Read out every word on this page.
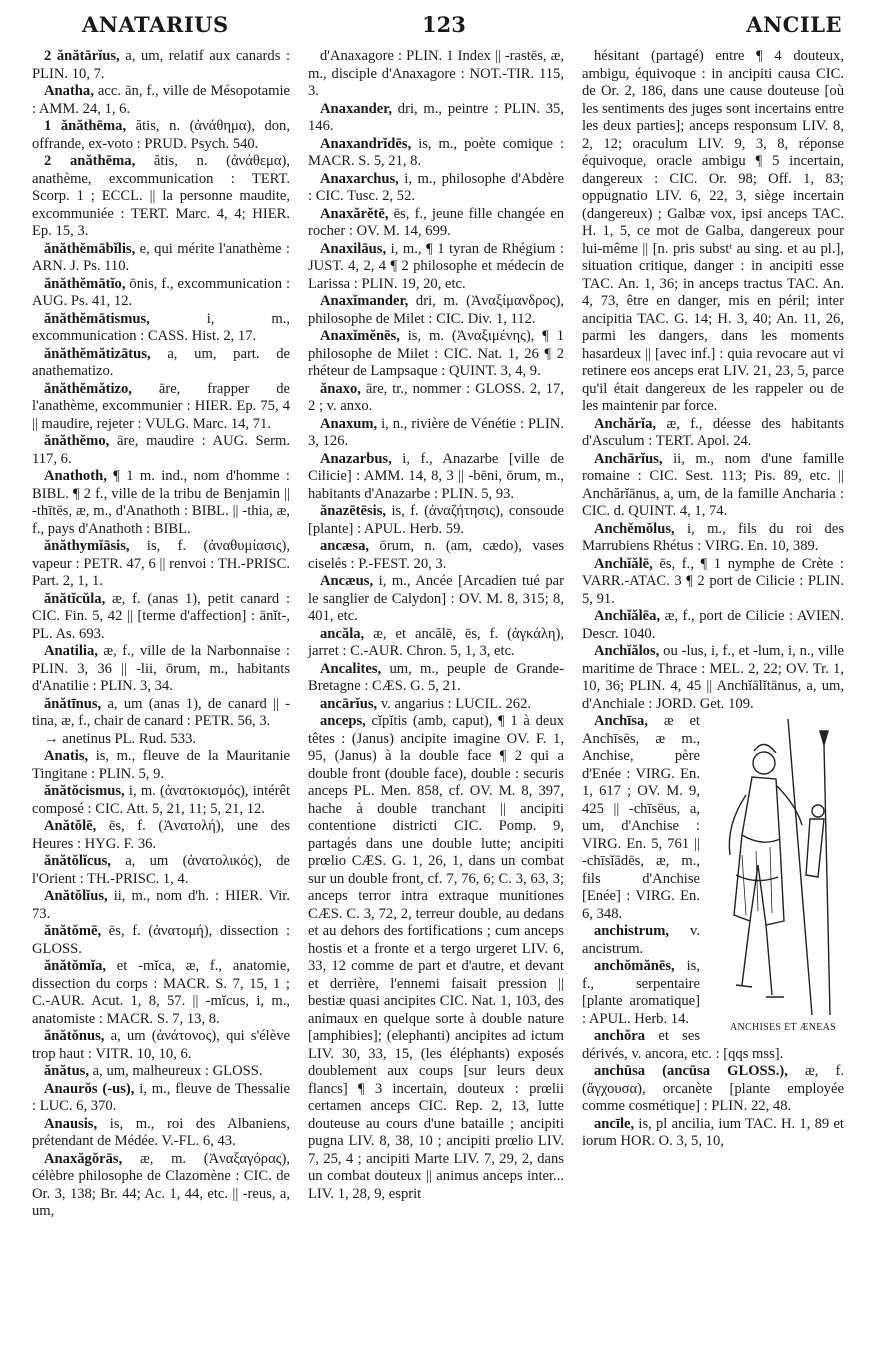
ANATARIUS	123	ANCILE

2 ănătārĭus, a, um, relatif aux canards : PLIN. 10, 7.

Anatha, acc. ān, f., ville de Mésopotamie : AMM. 24, 1, 6.

1 ănăthēma, ătis, n. (ἀνάθημα), don, offrande, ex-voto : PRUD. Psych. 540.

2 anăthēma, ătis, n. (ἀνάθεμα), anathème, excommunication : TERT. Scorp. 1 ; ECCL. || la personne maudite, excommuniée : TERT. Marc. 4, 4; HIER. Ep. 15, 3.

ănăthĕmābĭlis, e, qui mérite l'anathème : ARN. J. Ps. 110.

ănăthĕmātĭo, ōnis, f., excommunication : AUG. Ps. 41, 12.

ănăthĕmātismus, i, m., excommunication : CASS. Hist. 2, 17.

ănăthĕmătizātus, a, um, part. de anathematizo.

ănăthĕmătizo, āre, frapper de l'anathème, excommunier : HIER. Ep. 75, 4 || maudire, rejeter : VULG. Marc. 14, 71.

ănăthĕmo, āre, maudire : AUG. Serm. 117, 6.

Anathoth, ¶ 1 m. ind., nom d'homme : BIBL. ¶ 2 f., ville de la tribu de Benjamin || -thītēs, æ, m., d'Anathoth : BIBL. || -thia, æ, f., pays d'Anathoth : BIBL.

ănăthymĭāsis, is, f. (ἀναθυμίασις), vapeur : PETR. 47, 6 || renvoi : TH.-PRISC. Part. 2, 1, 1.

ănătĭcŭla, æ, f. (anas 1), petit canard : CIC. Fin. 5, 42 || [terme d'affection] : ānĭt-, PL. As. 693.

Anatilia, æ, f., ville de la Narbonnaise : PLIN. 3, 36 || -lii, ōrum, m., habitants d'Anatilie : PLIN. 3, 34.

ănătīnus, a, um (anas 1), de canard || -tina, æ, f., chair de canard : PETR. 56, 3.

→ anetinus PL. Rud. 533.

Anatis, is, m., fleuve de la Mauritanie Tingitane : PLIN. 5, 9.

ănătŏcismus, i, m. (ἀνατοκισμός), intérêt composé : CIC. Att. 5, 21, 11; 5, 21, 12.

Anătŏlē, ēs, f. (Ἀνατολή), une des Heures : HYG. F. 36.

ănătŏlĭcus, a, um (ἀνατολικός), de l'Orient : TH.-PRISC. 1, 4.

Anătŏlĭus, ii, m., nom d'h. : HIER. Vir. 73.

ănătŏmē, ēs, f. (ἀνατομή), dissection : GLOSS.

ănătŏmĭa, et -mĭca, æ, f., anatomie, dissection du corps : MACR. S. 7, 15, 1 ; C.-AUR. Acut. 1, 8, 57. || -mĭcus, i, m., anatomiste : MACR. S. 7, 13, 8.

ănătŏnus, a, um (ἀνάτονος), qui s'élève trop haut : VITR. 10, 10, 6.

ănătus, a, um, malheureux : GLOSS.

Anaurŏs (-us), i, m., fleuve de Thessalie : LUC. 6, 370.

Anausis, is, m., roi des Albaniens, prétendant de Médée. V.-FL. 6, 43.

Anaxăgŏrās, æ, m. (Ἀναξαγόρας), célèbre philosophe de Clazomène : CIC. de Or. 3, 138; Br. 44; Ac. 1, 44, etc. || -reus, a, um,

d'Anaxagore : PLIN. 1 Index || -rastēs, æ, m., disciple d'Anaxagore : NOT.-TIR. 115, 3.

Anaxander, dri, m., peintre : PLIN. 35, 146.

Anaxandrĭdēs, is, m., poète comique : MACR. S. 5, 21, 8.

Anaxarchus, i, m., philosophe d'Abdère : CIC. Tusc. 2, 52.

Anaxărĕtē, ēs, f., jeune fille changée en rocher : OV. M. 14, 699.

Anaxilāus, i, m., ¶ 1 tyran de Rhégium : JUST. 4, 2, 4 ¶ 2 philosophe et médecin de Larissa : PLIN. 19, 20, etc.

Anaxĭmander, dri, m. (Ἀναξίμανδρος), philosophe de Milet : CIC. Div. 1, 112.

Anaxĭmĕnēs, is, m. (Ἀναξιμένης), ¶ 1 philosophe de Milet : CIC. Nat. 1, 26 ¶ 2 rhéteur de Lampsaque : QUINT. 3, 4, 9.

ănaxo, āre, tr., nommer : GLOSS. 2, 17, 2 ; v. anxo.

Anaxum, i, n., rivière de Vénétie : PLIN. 3, 126.

Anazarbus, i, f., Anazarbe [ville de Cilicie] : AMM. 14, 8, 3 || -bēni, ōrum, m., habitants d'Anazarbe : PLIN. 5, 93.

ănazētēsis, is, f. (ἀναζήτησις), consoude [plante] : APUL. Herb. 59.

ancæsa, ōrum, n. (am, cædo), vases ciselés : P.-FEST. 20, 3.

Ancæus, i, m., Ancée [Arcadien tué par le sanglier de Calydon] : OV. M. 8, 315; 8, 401, etc.

ancăla, æ, et ancălē, ēs, f. (ἀγκάλη), jarret : C.-AUR. Chron. 5, 1, 3, etc.

Ancalites, um, m., peuple de Grande-Bretagne : CÆS. G. 5, 21.

ancārĭus, v. angarius : LUCIL. 262.

anceps, cĭpĭtis (amb, caput), ¶ 1 à deux têtes : (Janus) ancipite imagine OV. F. 1, 95, (Janus) à la double face ¶ 2 qui a double front (double face), double : securis anceps PL. Men. 858, cf. OV. M. 8, 397, hache à double tranchant || ancipiti contentione districti CIC. Pomp. 9, partagés dans une double lutte; ancipiti prœlio CÆS. G. 1, 26, 1, dans un combat sur un double front, cf. 7, 76, 6; C. 3, 63, 3; anceps terror intra extraque munitiones CÆS. C. 3, 72, 2, terreur double, au dedans et au dehors des fortifications ; cum anceps hostis et a fronte et a tergo urgeret LIV. 6, 33, 12 comme de part et d'autre, et devant et derrière, l'ennemi faisait pression || bestiæ quasi ancipites CIC. Nat. 1, 103, des animaux en quelque sorte à double nature [amphibies]; (elephanti) ancipites ad ictum LIV. 30, 33, 15, (les éléphants) exposés doublement aux coups [sur leurs deux flancs] ¶ 3 incertain, douteux : prœlii certamen anceps CIC. Rep. 2, 13, lutte douteuse au cours d'une bataille ; ancipiti pugna LIV. 8, 38, 10 ; ancipiti prœlio LIV. 7, 25, 4 ; ancipiti Marte LIV. 7, 29, 2, dans un combat douteux || animus anceps inter... LIV. 1, 28, 9, esprit

hésitant (partagé) entre ¶ 4 douteux, ambigu, équivoque : in ancipiti causa CIC. de Or. 2, 186, dans une cause douteuse [où les sentiments des juges sont incertains entre les deux parties]; anceps responsum LIV. 8, 2, 12; oraculum LIV. 9, 3, 8, réponse équivoque, oracle ambigu ¶ 5 incertain, dangereux : CIC. Or. 98; Off. 1, 83; oppugnatio LIV. 6, 22, 3, siège incertain (dangereux) ; Galbæ vox, ipsi anceps TAC. H. 1, 5, ce mot de Galba, dangereux pour lui-même || [n. pris substᵗ au sing. et au pl.], situation critique, danger : in ancipiti esse TAC. An. 1, 36; in anceps tractus TAC. An. 4, 73, être en danger, mis en péril; inter ancipitia TAC. G. 14; H. 3, 40; An. 11, 26, parmi les dangers, dans les moments hasardeux || [avec inf.] : quia revocare aut vi retinere eos anceps erat LIV. 21, 23, 5, parce qu'il était dangereux de les rappeler ou de les maintenir par force.

Anchărĭa, æ, f., déesse des habitants d'Asculum : TERT. Apol. 24.

Anchārĭus, ii, m., nom d'une famille romaine : CIC. Sest. 113; Pis. 89, etc. || Anchărĭānus, a, um, de la famille Ancharia : CIC. d. QUINT. 4, 1, 74.

Anchĕmŏlus, i, m., fils du roi des Marrubiens Rhétus : VIRG. En. 10, 389.

Anchĭălē, ēs, f., ¶ 1 nymphe de Crète : VARR.-ATAC. 3 ¶ 2 port de Cilicie : PLIN. 5, 91.

Anchĭălēa, æ, f., port de Cilicie : AVIEN. Descr. 1040.

Anchĭălos, ou -lus, i, f., et -lum, i, n., ville maritime de Thrace : MEL. 2, 22; OV. Tr. 1, 10, 36; PLIN. 4, 45 || Anchĭālĭtānus, a, um, d'Anchiale : JORD. Get. 109.

ANCHISES ET ÆNEAS
Anchīsa, æ et Anchīsēs, æ m., Anchise, père d'Enée : VIRG. En. 1, 617 ; OV. M. 9, 425 || -chīsēus, a, um, d'Anchise : VIRG. En. 5, 761 || -chīsĭādēs, æ, m., fils d'Anchise [Enée] : VIRG. En. 6, 348.

anchistrum, v. ancistrum.

anchŏmănēs, is, f., serpentaire [plante aromatique] : APUL. Herb. 14.

anchŏra et ses dérivés, v. ancora, etc. : [qqs mss].

anchūsa (ancūsa GLOSS.), æ, f. (ἄγχουσα), orcanète [plante employée comme cosmétique] : PLIN. 22, 48.

ancīle, is, pl ancilia, ium TAC. H. 1, 89 et iorum HOR. O. 3, 5, 10,
